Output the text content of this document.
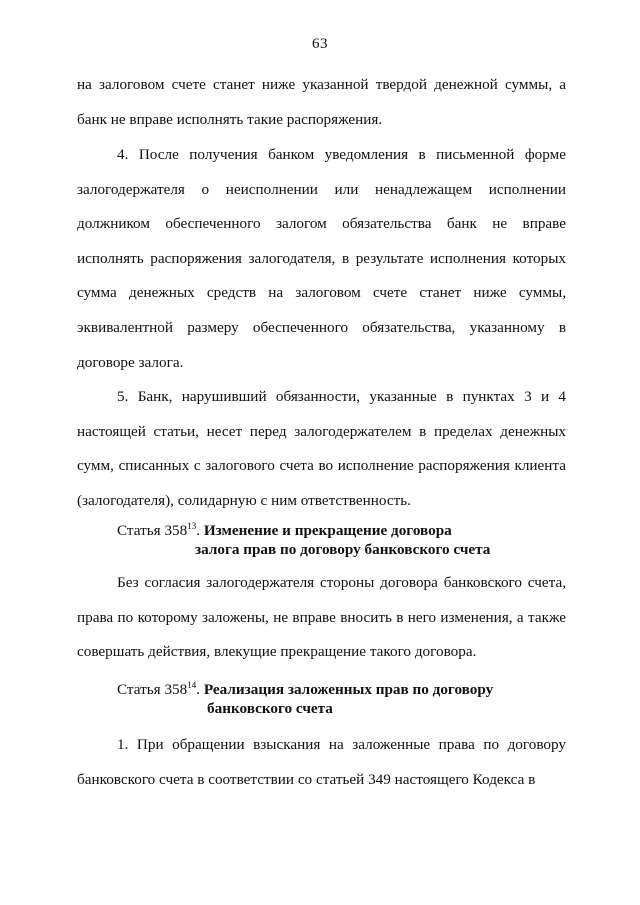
63

на залоговом счете станет ниже указанной твердой денежной суммы, а банк не вправе исполнять такие распоряжения.

4. После получения банком уведомления в письменной форме залогодержателя о неисполнении или ненадлежащем исполнении должником обеспеченного залогом обязательства банк не вправе исполнять распоряжения залогодателя, в результате исполнения которых сумма денежных средств на залоговом счете станет ниже суммы, эквивалентной размеру обеспеченного обязательства, указанному в договоре залога.

5. Банк, нарушивший обязанности, указанные в пунктах 3 и 4 настоящей статьи, несет перед залогодержателем в пределах денежных сумм, списанных с залогового счета во исполнение распоряжения клиента (залогодателя), солидарную с ним ответственность.

Статья $358^{13}$. Изменение и прекращение договора
залога прав по договору банковского счета

Без согласия залогодержателя стороны договора банковского счета, права по которому заложены, не вправе вносить в него изменения, а также совершать действия, влекущие прекращение такого договора.

Статья $358^{14}$. Реализация заложенных прав по договору
банковского счета

1. При обращении взыскания на заложенные права по договору банковского счета в соответствии со статьей 349 настоящего Кодекса в
